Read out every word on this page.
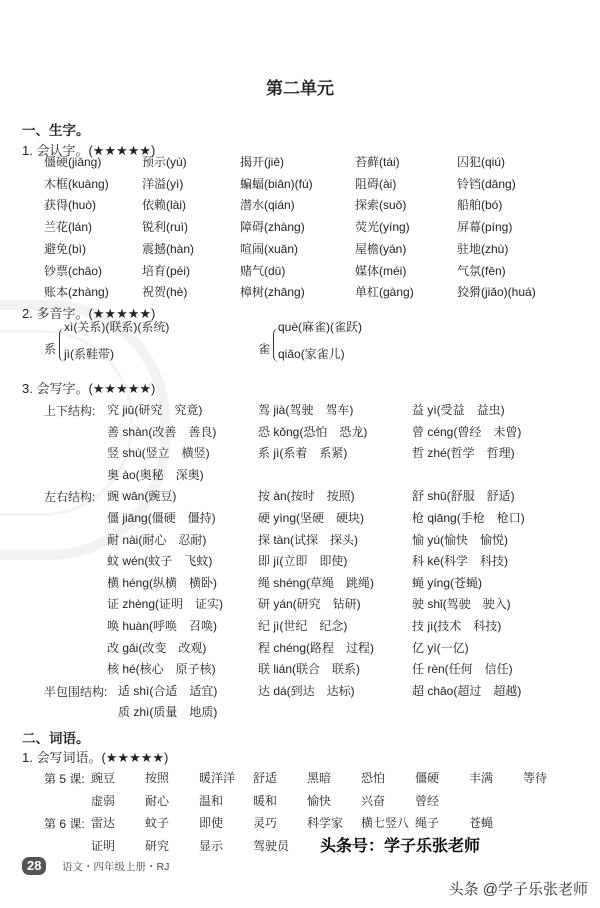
第二单元
一、生字。
1. 会认字。(★★★★★)
僵硬(jiāng)	预示(yù)	揭开(jiē)	苔藓(tái)	囚犯(qiú)
木框(kuàng)	洋溢(yì)	蝙蝠(biān)(fú)	阻碍(ài)	铃铛(dāng)
获得(huò)	依赖(lài)	潜水(qián)	探索(suǒ)	船舶(bó)
兰花(lán)	锐利(ruì)	障碍(zhàng)	荧光(yíng)	屏幕(píng)
避免(bì)	震撼(hàn)	喧闹(xuān)	屋檐(yán)	驻地(zhù)
钞票(chāo)	培育(péi)	赌气(dǔ)	媒体(méi)	气氛(fēn)
账本(zhàng)	祝贺(hè)	樟树(zhāng)	单杠(gàng)	狡猾(jiǎo)(huá)
2. 多音字。(★★★★★)
系
xì(关系)(联系)(系统)
jì(系鞋带)	雀
què(麻雀)(雀跃)
qiǎo(家雀儿)
3. 会写字。(★★★★★)
上下结构: 究 jiū(研究　究竟)	驾 jià(驾驶　驾车)	益 yì(受益　益虫)
善 shàn(改善　善良)	恐 kǒng(恐怕　恐龙)	曾 céng(曾经　未曾)
竖 shù(竖立　横竖)	系 jì(系着　系紧)	哲 zhé(哲学　哲理)
奥 ào(奥秘　深奥)
左右结构: 豌 wān(豌豆)	按 àn(按时　按照)	舒 shū(舒服　舒适)
僵 jiāng(僵硬　僵持)	硬 yìng(坚硬　硬块)	枪 qiāng(手枪　枪口)
耐 nài(耐心　忍耐)	探 tàn(试探　探头)	愉 yú(愉快　愉悦)
蚊 wén(蚊子　飞蚊)	即 jí(立即　即使)	科 kē(科学　科技)
横 héng(纵横　横卧)	绳 shéng(草绳　跳绳)	蝇 yíng(苍蝇)
证 zhèng(证明　证实)	研 yán(研究　钻研)	驶 shǐ(驾驶　驶入)
唤 huàn(呼唤　召唤)	纪 jì(世纪　纪念)	技 jì(技术　科技)
改 gǎi(改变　改观)	程 chéng(路程　过程)	亿 yì(一亿)
核 hé(核心　原子核)	联 lián(联合　联系)	任 rèn(任何　信任)
半包围结构: 适 shì(合适　适宜)	达 dá(到达　达标)	超 chāo(超过　超越)
质 zhì(质量　地质)
二、词语。
1. 会写词语。(★★★★★)
第 5 课: 豌豆 按照 暖洋洋 舒适 黑暗 恐怕 僵硬 丰满 等待
虚弱 耐心 温和 暖和 愉快 兴奋 曾经
第 6 课: 雷达 蚊子 即使 灵巧 科学家 横七竖八 绳子 苍蝇
证明 研究 显示 驾驶员
28	语文・四年级上册・RJ
头条号：学子乐张老师
头条 @学子乐张老师
